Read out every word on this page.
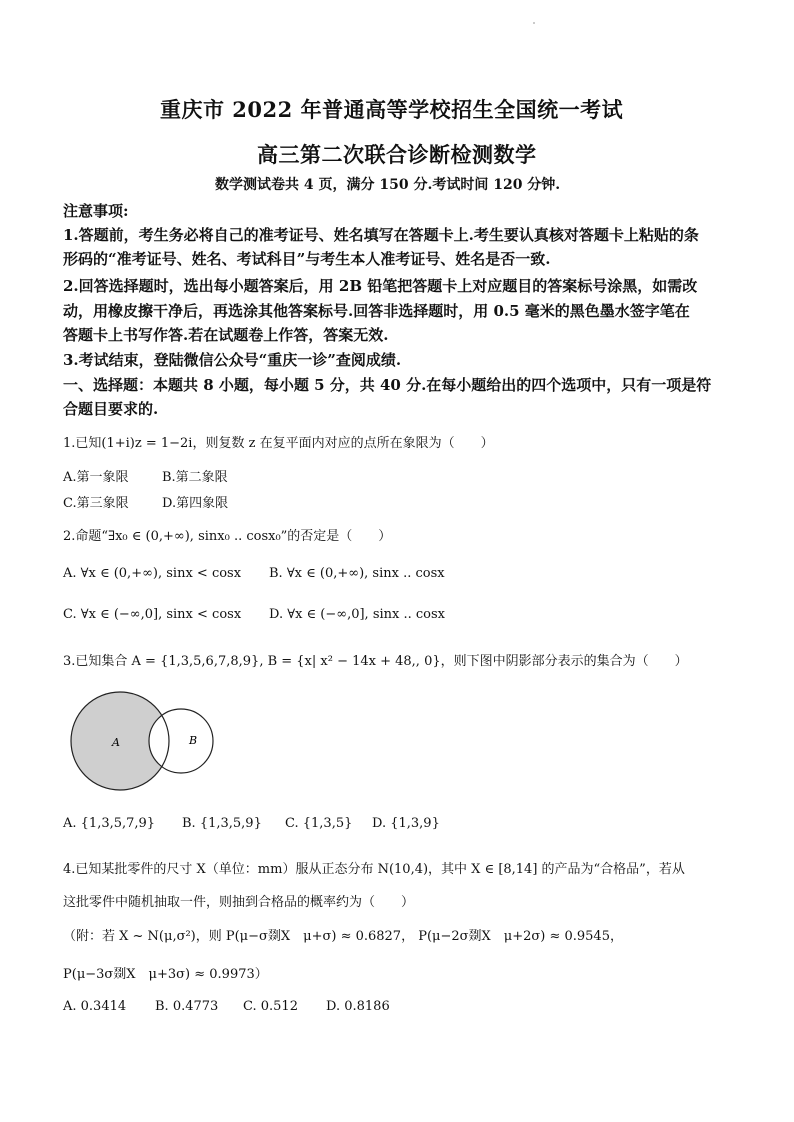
重庆市 2022 年普通高等学校招生全国统一考试
高三第二次联合诊断检测数学
数学测试卷共 4 页，满分 150 分.考试时间 120 分钟.
注意事项:
1.答题前，考生务必将自己的准考证号、姓名填写在答题卡上.考生要认真核对答题卡上粘贴的条
形码的“准考证号、姓名、考试科目”与考生本人准考证号、姓名是否一致.
2.回答选择题时，选出每小题答案后，用 2B 铅笔把答题卡上对应题目的答案标号涂黑，如需改
动，用橡皮擦干净后，再选涂其他答案标号.回答非选择题时，用 0.5 毫米的黑色墨水签字笔在
答题卡上书写作答.若在试题卷上作答，答案无效.
3.考试结束，登陆微信公众号“重庆一诊”查阅成绩.
一、选择题：本题共 8 小题，每小题 5 分，共 40 分.在每小题给出的四个选项中，只有一项是符
合题目要求的.
1.已知(1+i)z = 1−2i，则复数 z 在复平面内对应的点所在象限为（　　）
A.第一象限	B.第二象限
C.第三象限	D.第四象限
2.命题“∃x₀ ∈ (0,+∞), sinx₀ .. cosx₀”的否定是（　　）
A. ∀x ∈ (0,+∞), sinx < cosx B. ∀x ∈ (0,+∞), sinx .. cosx
C. ∀x ∈ (−∞,0], sinx < cosx D. ∀x ∈ (−∞,0], sinx .. cosx
3.已知集合 A = {1,3,5,6,7,8,9}, B = {x| x² − 14x + 48,, 0}，则下图中阴影部分表示的集合为（　　）
A	B
A. {1,3,5,7,9} B. {1,3,5,9} C. {1,3,5} D. {1,3,9}
4.已知某批零件的尺寸 X（单位：mm）服从正态分布 N(10,4)，其中 X ∈ [8,14] 的产品为“合格品”，若从
这批零件中随机抽取一件，则抽到合格品的概率约为（　　）
（附：若 X ~ N(μ,σ²)，则 P(μ−σ剟X　μ+σ) ≈ 0.6827， P(μ−2σ剟X　μ+2σ) ≈ 0.9545，
P(μ−3σ剟X　μ+3σ) ≈ 0.9973）
A. 0.3414 B. 0.4773 C. 0.512 D. 0.8186
